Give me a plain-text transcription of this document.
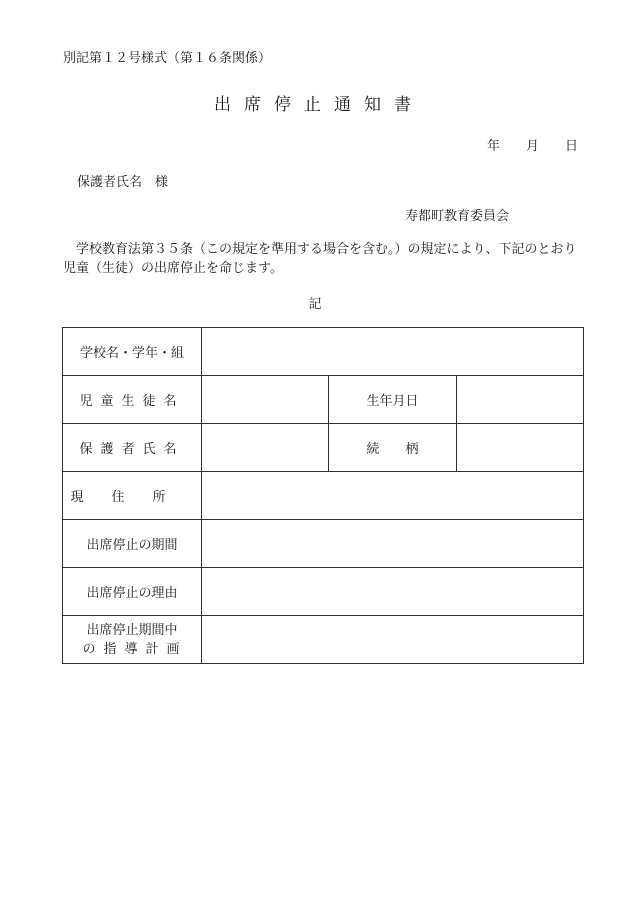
別記第１２号様式（第１６条関係）
出席停止通知書
年 月 日
保護者氏名　様
寿都町教育委員会
学校教育法第３５条（この規定を準用する場合を含む。）の規定により、下記のとおり児童（生徒）の出席停止を命じます。
記
学校名・学年・組			
児童生徒名		生年月日	
保護者氏名		続　　柄	
現住所			
出席停止の期間			
出席停止の理由			

出席停止期間中
の指導計画			
